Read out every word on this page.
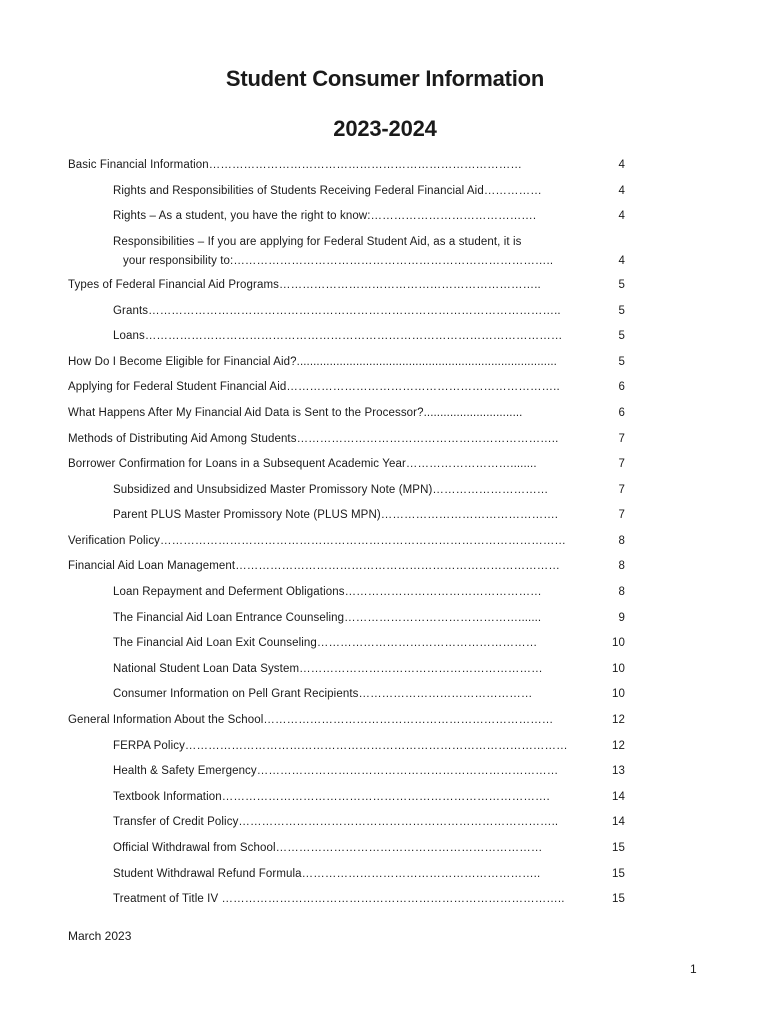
Student Consumer Information
2023-2024
Basic Financial Information………………………………………………………………………	4
Rights and Responsibilities of Students Receiving Federal Financial Aid……………	4
Rights – As a student, you have the right to know:…………………………………….	4
Responsibilities – If you are applying for Federal Student Aid, as a student, it is
your responsibility to:………………………………………………………………………..	4
Types of Federal Financial Aid Programs…………………………………………………………..	5
Grants……………………………………………………………………………………………..	5
Loans………………………………………………………………………………………………	5
How Do I Become Eligible for Financial Aid?...............................................................................	5
Applying for Federal Student Financial Aid……………………………………………………………..	6
What Happens After My Financial Aid Data is Sent to the Processor?..............................	6
Methods of Distributing Aid Among Students…………………………………………………………..	7
Borrower Confirmation for Loans in a Subsequent Academic Year………………………........	7
Subsidized and Unsubsidized Master Promissory Note (MPN)…………………………	7
Parent PLUS Master Promissory Note (PLUS MPN)……………………………………….	7
Verification Policy……………………………………………………………………………………………	8
Financial Aid Loan Management…………………………………………………………………………	8
Loan Repayment and Deferment Obligations……………………………………………	8
The Financial Aid Loan Entrance Counseling……………………………………….......	9
The Financial Aid Loan Exit Counseling…………………………………………………	10
National Student Loan Data System………………………………………………………	10
Consumer Information on Pell Grant Recipients………………………………………	10
General Information About the School…………………………………………………………………	12
FERPA Policy………………………………………………………………………………………	12
Health & Safety Emergency……………………………………………………………………	13
Textbook Information………………………………………………………………………….	14
Transfer of Credit Policy………………………………………………………………………..	14
Official Withdrawal from School……………………………………………………………	15
Student Withdrawal Refund Formula……………………………………………………..	15
Treatment of Title IV ……………………………………………………………………………..	15
March 2023
1
